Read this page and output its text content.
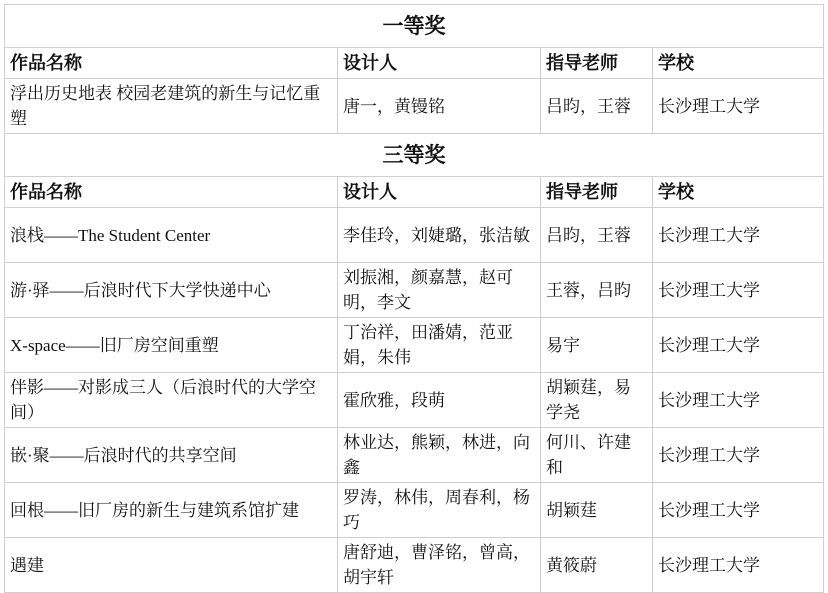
一等奖			
作品名称	设计人	指导老师	学校
浮出历史地表 校园老建筑的新生与记忆重塑	唐一，黄镘铭	吕昀，王蓉	长沙理工大学
三等奖			
作品名称	设计人	指导老师	学校
浪栈——The Student Center	李佳玲，刘婕璐，张洁敏	吕昀，王蓉	长沙理工大学
游·驿——后浪时代下大学快递中心	刘振湘，颜嘉慧，赵可明，李文	王蓉，吕昀	长沙理工大学
X-space——旧厂房空间重塑	丁治祥，田潘婧，范亚娟，朱伟	易宇	长沙理工大学
伴影——对影成三人（后浪时代的大学空间）	霍欣雅，段萌	胡颖莛，易学尧	长沙理工大学
嵌·聚——后浪时代的共享空间	林业达，熊颖，林进，向鑫	何川、许建和	长沙理工大学
回根——旧厂房的新生与建筑系馆扩建	罗涛，林伟，周春利，杨巧	胡颖莛	长沙理工大学
遇建	唐舒迪，曹泽铭，曾高，胡宇轩	黄筱蔚	长沙理工大学
